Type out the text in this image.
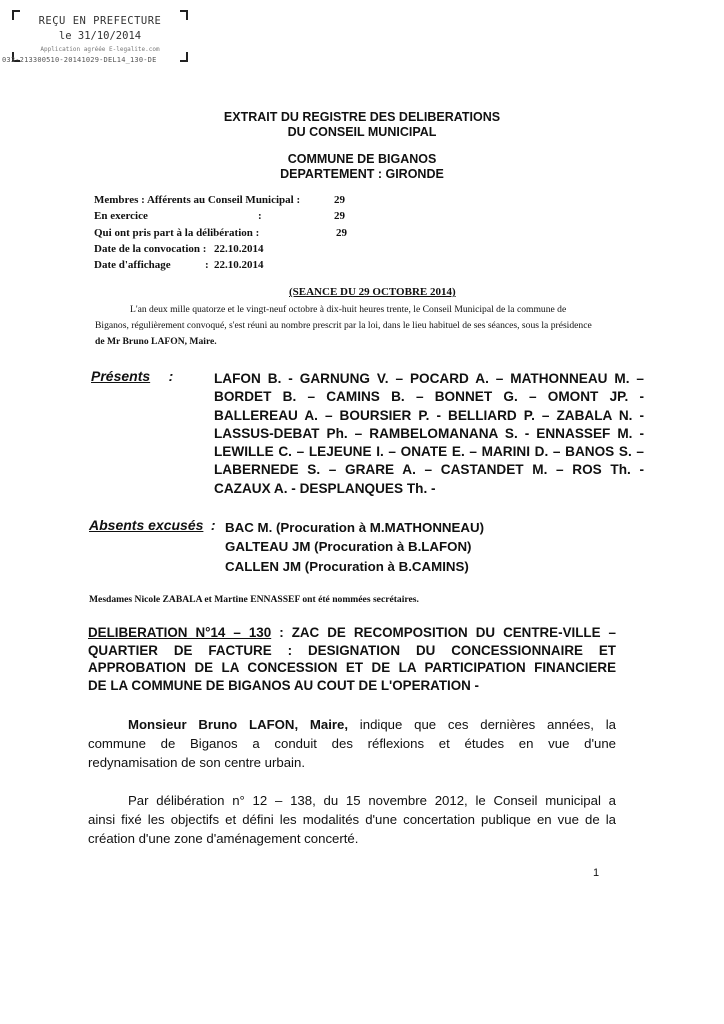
REÇU EN PREFECTURE
le 31/10/2014
Application agréée E-legalite.com
033-213300510-20141029-DEL14_130-DE
EXTRAIT DU REGISTRE DES DELIBERATIONS
DU CONSEIL MUNICIPAL
COMMUNE DE BIGANOS
DEPARTEMENT : GIRONDE
Membres : Afférents au Conseil Municipal :	29
En exercice	:	29
Qui ont pris part à la délibération :	29
Date de la convocation : 22.10.2014
Date d'affichage	: 22.10.2014
(SEANCE DU 29 OCTOBRE 2014)
L'an deux mille quatorze et le vingt-neuf octobre à dix-huit heures trente, le Conseil Municipal de la commune de
Biganos, régulièrement convoqué, s'est réuni au nombre prescrit par la loi, dans le lieu habituel de ses séances, sous la présidence
de Mr Bruno LAFON, Maire.
Présents :	LAFON B. - GARNUNG V. – POCARD A. – MATHONNEAU M. –
BORDET B. – CAMINS B. – BONNET G. – OMONT JP. -
BALLEREAU A. – BOURSIER P. - BELLIARD P. – ZABALA N. -
LASSUS-DEBAT Ph. – RAMBELOMANANA S. - ENNASSEF M. -
LEWILLE C. – LEJEUNE I. – ONATE E. – MARINI D. – BANOS S. –
LABERNEDE S. – GRARE A. – CASTANDET M. – ROS Th. -
CAZAUX A. - DESPLANQUES Th. -
Absents excusés : BAC M. (Procuration à M.MATHONNEAU)
GALTEAU JM (Procuration à B.LAFON)
CALLEN JM (Procuration à B.CAMINS)
Mesdames Nicole ZABALA et Martine ENNASSEF ont été nommées secrétaires.
DELIBERATION N°14 – 130 : ZAC DE RECOMPOSITION DU CENTRE-VILLE –
QUARTIER DE FACTURE : DESIGNATION DU CONCESSIONNAIRE ET
APPROBATION DE LA CONCESSION ET DE LA PARTICIPATION FINANCIERE
DE LA COMMUNE DE BIGANOS AU COUT DE L'OPERATION -
Monsieur Bruno LAFON, Maire, indique que ces dernières années, la
commune de Biganos a conduit des réflexions et études en vue d'une
redynamisation de son centre urbain.
Par délibération n° 12 – 138, du 15 novembre 2012, le Conseil municipal a
ainsi fixé les objectifs et défini les modalités d'une concertation publique en vue de la
création d'une zone d'aménagement concerté.
1
